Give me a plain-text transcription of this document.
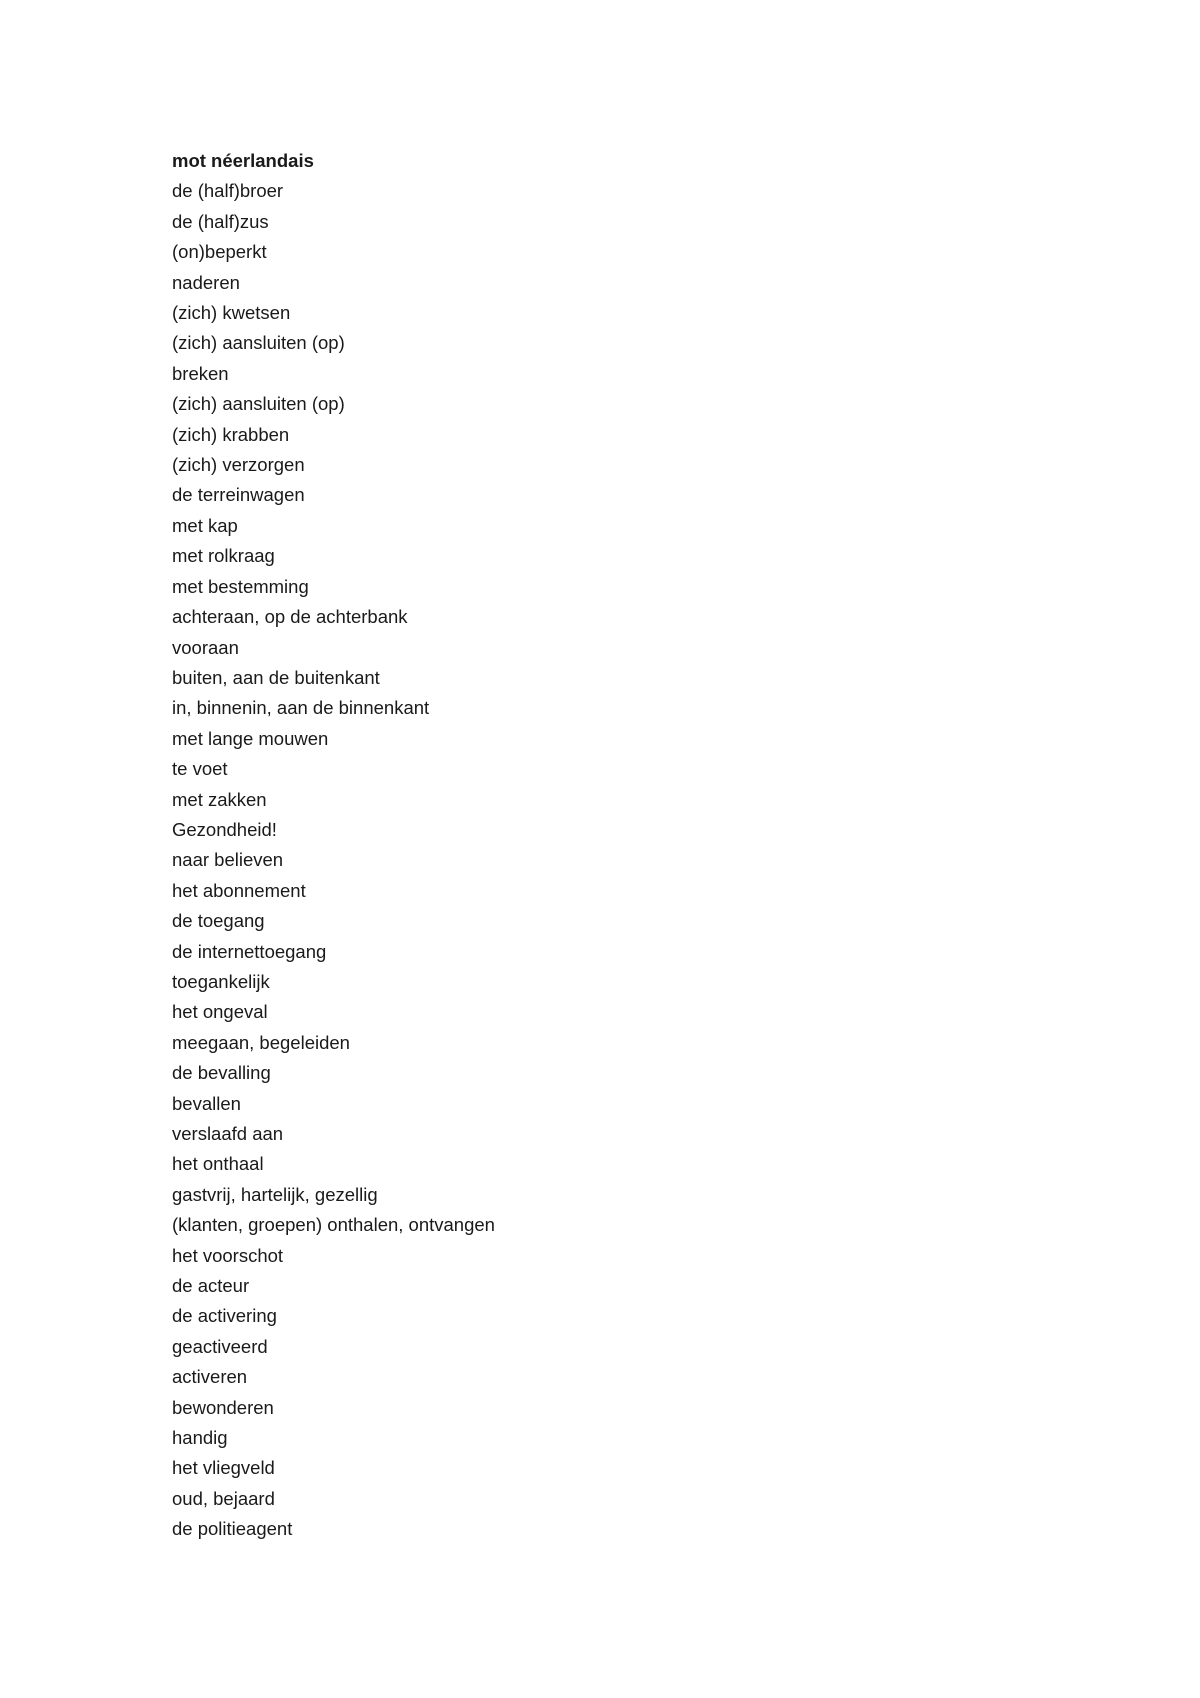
mot néerlandais
de (half)broer
de (half)zus
(on)beperkt
naderen
(zich) kwetsen
(zich) aansluiten (op)
breken
(zich) aansluiten (op)
(zich) krabben
(zich) verzorgen
de terreinwagen
met kap
met rolkraag
met bestemming
achteraan, op de achterbank
vooraan
buiten, aan de buitenkant
in, binnenin, aan de binnenkant
met lange mouwen
te voet
met zakken
Gezondheid!
naar believen
het abonnement
de toegang
de internettoegang
toegankelijk
het ongeval
meegaan, begeleiden
de bevalling
bevallen
verslaafd aan
het onthaal
gastvrij, hartelijk, gezellig
(klanten, groepen) onthalen, ontvangen
het voorschot
de acteur
de activering
geactiveerd
activeren
bewonderen
handig
het vliegveld
oud, bejaard
de politieagent
